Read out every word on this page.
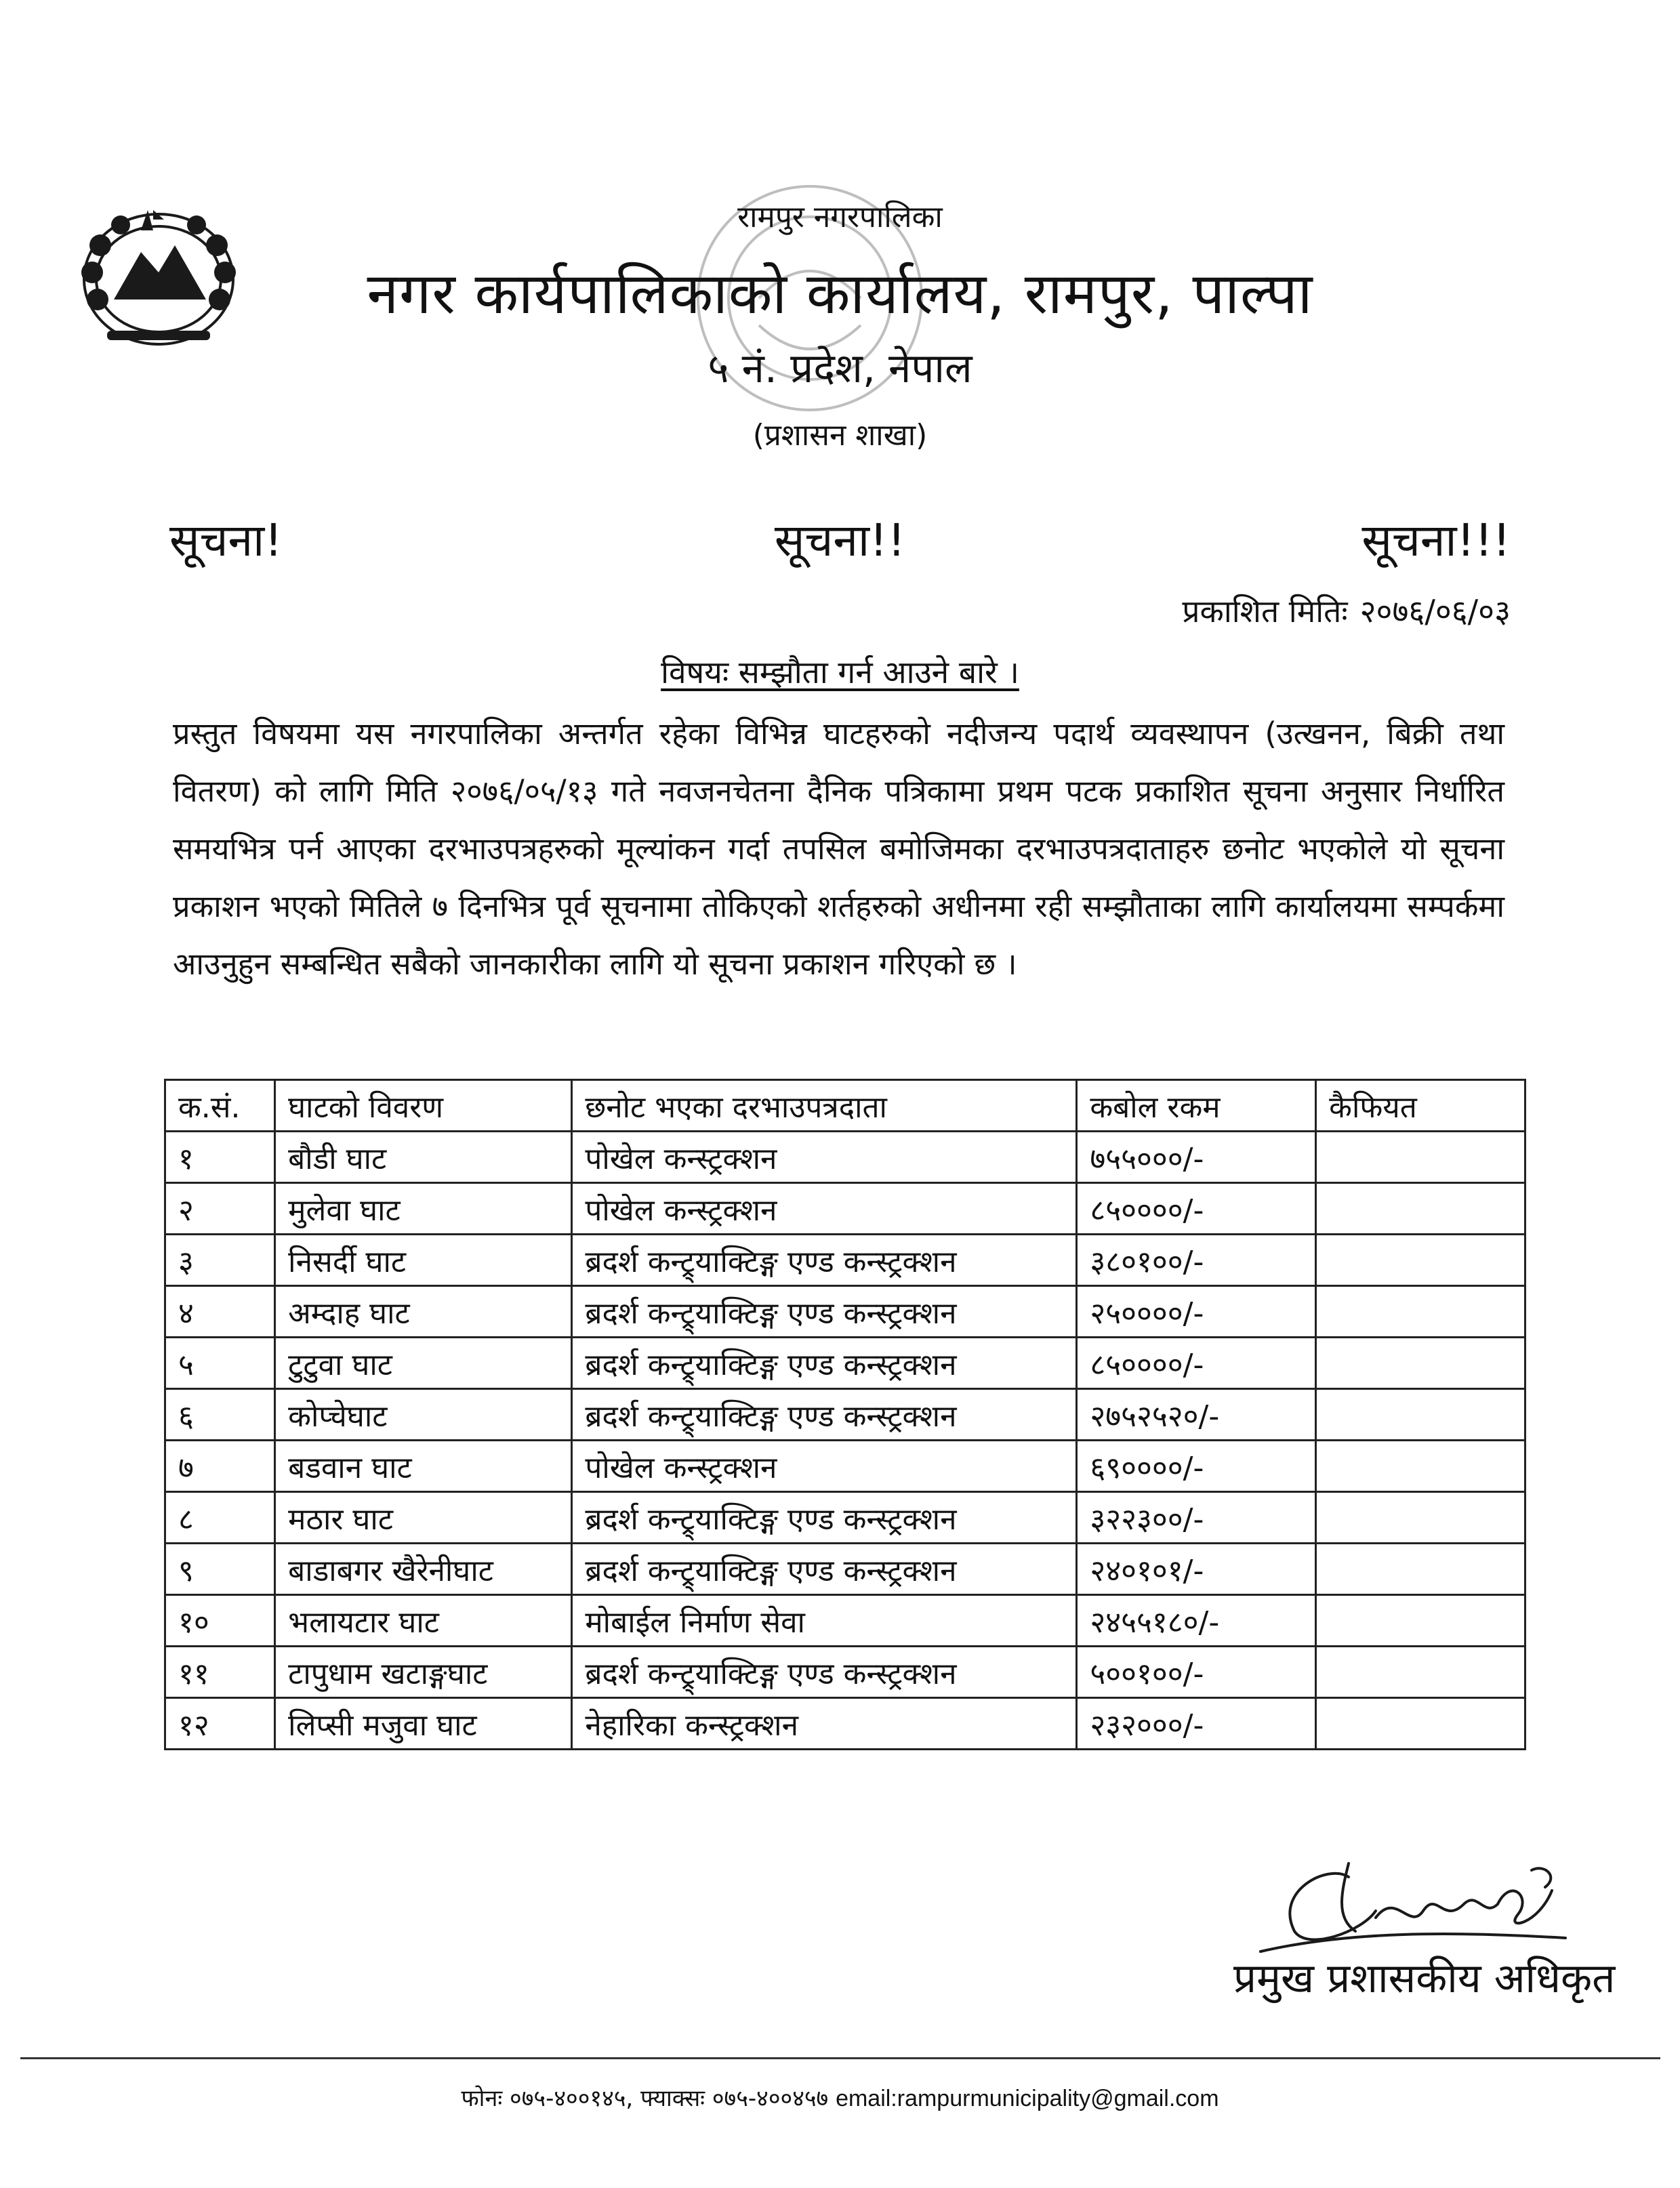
रामपुर नगरपालिका
नगर कार्यपालिकाको कार्यालय, रामपुर, पाल्पा
५ नं. प्रदेश, नेपाल
(प्रशासन शाखा)
सूचना!	सूचना!!	सूचना!!!
प्रकाशित मितिः २०७६/०६/०३
विषयः सम्झौता गर्न आउने बारे ।
प्रस्तुत विषयमा यस नगरपालिका अन्तर्गत रहेका विभिन्न घाटहरुको नदीजन्य पदार्थ व्यवस्थापन (उत्खनन, बिक्री तथा वितरण) को लागि मिति २०७६/०५/१३ गते नवजनचेतना दैनिक पत्रिकामा प्रथम पटक प्रकाशित सूचना अनुसार निर्धारित समयभित्र पर्न आएका दरभाउपत्रहरुको मूल्यांकन गर्दा तपसिल बमोजिमका दरभाउपत्रदाताहरु छनोट भएकोले यो सूचना प्रकाशन भएको मितिले ७ दिनभित्र पूर्व सूचनामा तोकिएको शर्तहरुको अधीनमा रही सम्झौताका लागि कार्यालयमा सम्पर्कमा आउनुहुन सम्बन्धित सबैको जानकारीका लागि यो सूचना प्रकाशन गरिएको छ ।
क.सं.	घाटको विवरण	छनोट भएका दरभाउपत्रदाता	कबोल रकम	कैफियत
१	बौडी घाट	पोखेल कन्स्ट्रक्शन	७५५०००/-	
२	मुलेवा घाट	पोखेल कन्स्ट्रक्शन	८५००००/-	
३	निसर्दी घाट	ब्रदर्श कन्ट्र्याक्टिङ्ग एण्ड कन्स्ट्रक्शन	३८०१००/-	
४	अम्दाह घाट	ब्रदर्श कन्ट्र्याक्टिङ्ग एण्ड कन्स्ट्रक्शन	२५००००/-	
५	टुटुवा घाट	ब्रदर्श कन्ट्र्याक्टिङ्ग एण्ड कन्स्ट्रक्शन	८५००००/-	
६	कोप्चेघाट	ब्रदर्श कन्ट्र्याक्टिङ्ग एण्ड कन्स्ट्रक्शन	२७५२५२०/-	
७	बडवान घाट	पोखेल कन्स्ट्रक्शन	६९००००/-	
८	मठार घाट	ब्रदर्श कन्ट्र्याक्टिङ्ग एण्ड कन्स्ट्रक्शन	३२२३००/-	
९	बाडाबगर खैरेनीघाट	ब्रदर्श कन्ट्र्याक्टिङ्ग एण्ड कन्स्ट्रक्शन	२४०१०१/-	
१०	भलायटार घाट	मोबाईल निर्माण सेवा	२४५५१८०/-	
११	टापुधाम खटाङ्गघाट	ब्रदर्श कन्ट्र्याक्टिङ्ग एण्ड कन्स्ट्रक्शन	५००१००/-	
१२	लिप्सी मजुवा घाट	नेहारिका कन्स्ट्रक्शन	२३२०००/-	
प्रमुख प्रशासकीय अधिकृत
फोनः ०७५-४००१४५, फ्याक्सः ०७५-४००४५७ email:rampurmunicipality@gmail.com
